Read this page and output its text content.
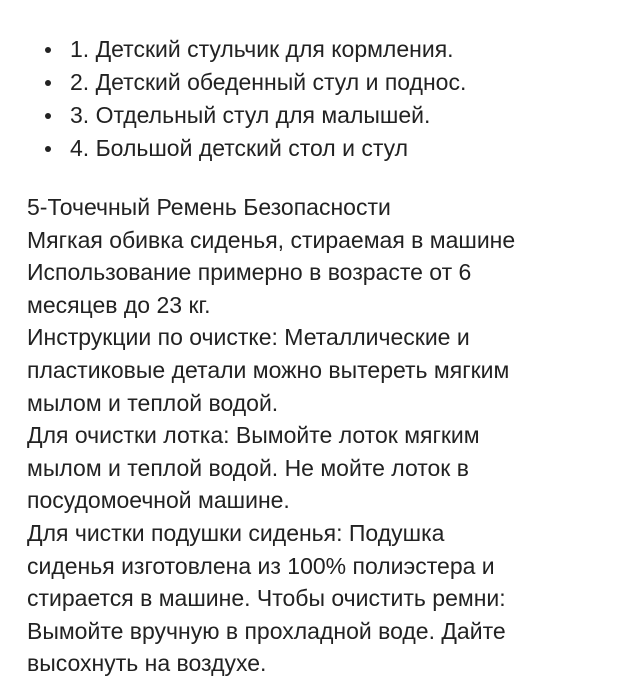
1. Детский стульчик для кормления.
2. Детский обеденный стул и поднос.
3. Отдельный стул для малышей.
4. Большой детский стол и стул
5-Точечный Ремень Безопасности
Мягкая обивка сиденья, стираемая в машине
Использование примерно в возрасте от 6
месяцев до 23 кг.
Инструкции по очистке: Металлические и
пластиковые детали можно вытереть мягким
мылом и теплой водой.
Для очистки лотка: Вымойте лоток мягким
мылом и теплой водой. Не мойте лоток в
посудомоечной машине.
Для чистки подушки сиденья: Подушка
сиденья изготовлена из 100% полиэстера и
стирается в машине. Чтобы очистить ремни:
Вымойте вручную в прохладной воде. Дайте
высохнуть на воздухе.
